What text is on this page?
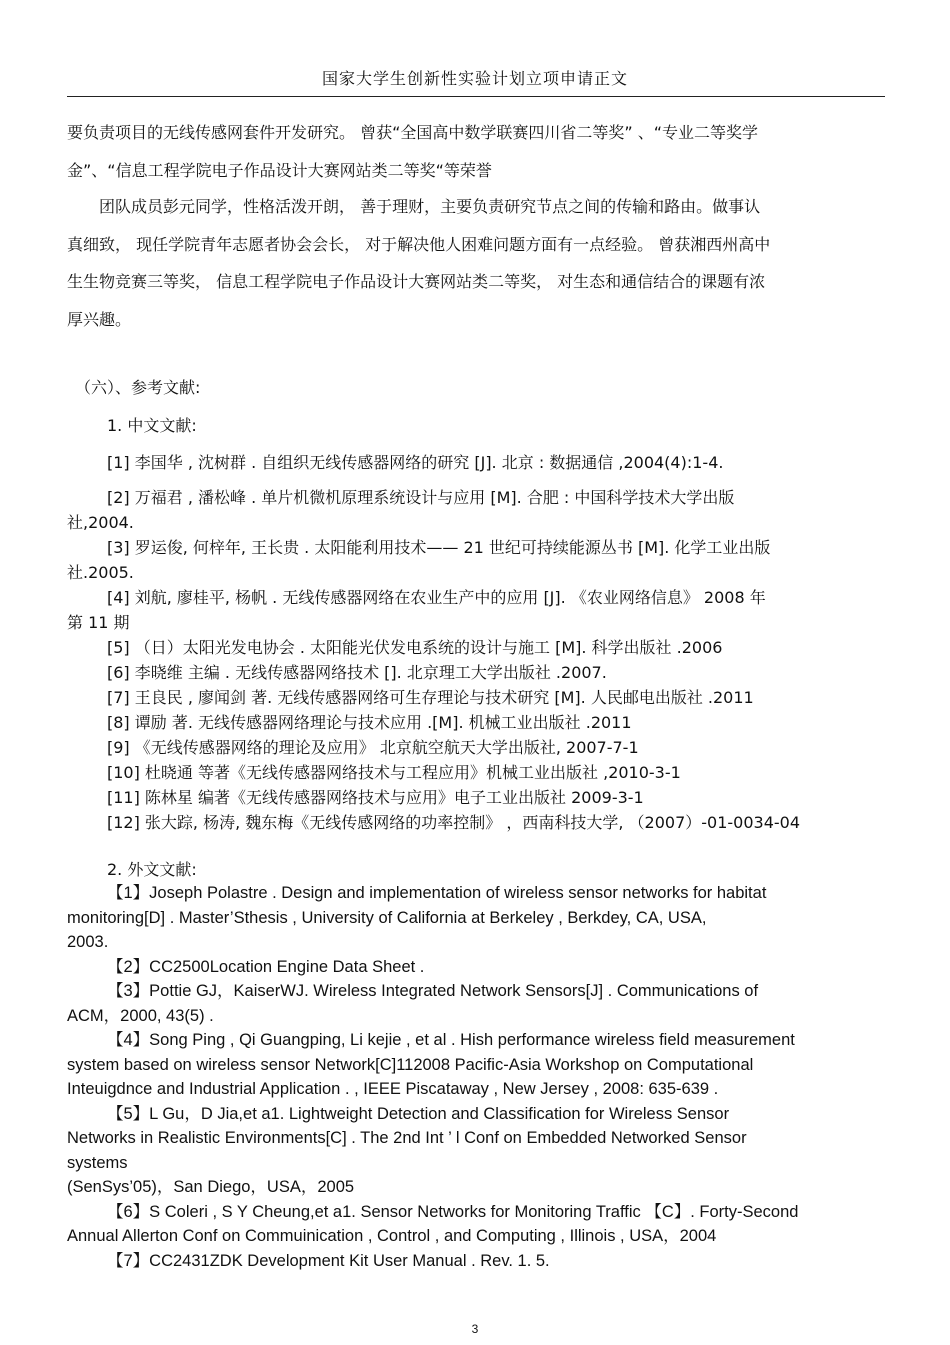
国家大学生创新性实验计划立项申请正文

要负责项目的无线传感网套件开发研究。 曾获“全国高中数学联赛四川省二等奖” 、“专业二等奖学

金”、“信息工程学院电子作品设计大赛网站类二等奖“等荣誉

团队成员彭元同学，性格活泼开朗， 善于理财，主要负责研究节点之间的传输和路由。做事认

真细致， 现任学院青年志愿者协会会长， 对于解决他人困难问题方面有一点经验。 曾获湘西州高中

生生物竞赛三等奖， 信息工程学院电子作品设计大赛网站类二等奖， 对生态和通信结合的课题有浓

厚兴趣。

（六）、参考文献:
1. 中文文献:
[1] 李国华 , 沈树群 . 自组织无线传感器网络的研究 [J]. 北京 : 数据通信 ,2004(4):1-4.
[2] 万福君 , 潘松峰 . 单片机微机原理系统设计与应用 [M]. 合肥 : 中国科学技术大学出版
社,2004.
[3] 罗运俊, 何梓年, 王长贵 . 太阳能利用技术—— 21 世纪可持续能源丛书 [M]. 化学工业出版
社.2005.
[4] 刘航, 廖桂平, 杨帆 . 无线传感器网络在农业生产中的应用 [J]. 《农业网络信息》 2008 年
第 11 期
[5] （日）太阳光发电协会 . 太阳能光伏发电系统的设计与施工 [M]. 科学出版社 .2006
[6] 李晓维 主编 . 无线传感器网络技术 []. 北京理工大学出版社 .2007.
[7] 王良民 , 廖闻剑 著. 无线传感器网络可生存理论与技术研究 [M]. 人民邮电出版社 .2011
[8] 谭励 著. 无线传感器网络理论与技术应用 .[M]. 机械工业出版社 .2011
[9] 《无线传感器网络的理论及应用》 北京航空航天大学出版社, 2007-7-1
[10] 杜晓通 等著《无线传感器网络技术与工程应用》机械工业出版社 ,2010-3-1
[11] 陈林星 编著《无线传感器网络技术与应用》电子工业出版社 2009-3-1
[12] 张大踪, 杨涛, 魏东梅《无线传感网络的功率控制》 ，西南科技大学, （2007）-01-0034-04
2. 外文文献:
【1】Joseph Polastre . Design and implementation of wireless sensor networks for habitat
monitoring[D] . Master’Sthesis , University of California at Berkeley , Berkdey, CA, USA,
2003.
【2】CC2500Location Engine Data Sheet .
【3】Pottie GJ，KaiserWJ. Wireless Integrated Network Sensors[J] . Communications of
ACM，2000, 43(5) .
【4】Song Ping , Qi Guangping, Li kejie , et al . Hish performance wireless field measurement
system based on wireless sensor Network[C]112008 Pacific-Asia Workshop on Computational
Inteuigdnce and Industrial Application . , IEEE Piscataway , New Jersey , 2008: 635-639 .
【5】L Gu，D Jia,et a1. Lightweight Detection and Classification for Wireless Sensor
Networks in Realistic Environments[C] . The 2nd Int ’ l Conf on Embedded Networked Sensor
systems
(SenSys’05)，San Diego，USA，2005
【6】S Coleri , S Y Cheung,et a1. Sensor Networks for Monitoring Traffic 【C】. Forty-Second
Annual Allerton Conf on Commuinication , Control , and Computing , Illinois , USA，2004
【7】CC2431ZDK Development Kit User Manual . Rev. 1. 5.
3
